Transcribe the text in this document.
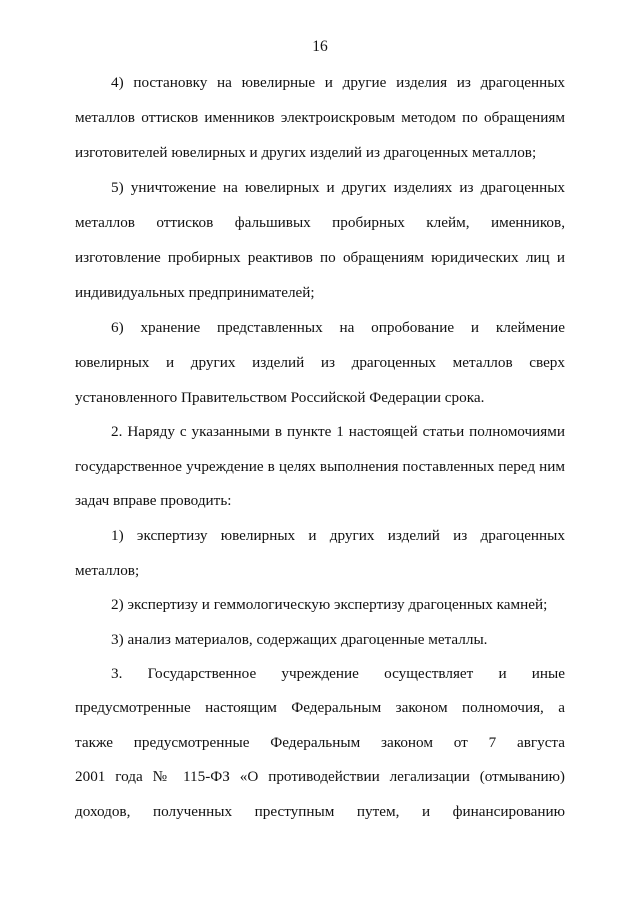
16
4) постановку на ювелирные и другие изделия из драгоценных
металлов оттисков именников электроискровым методом по обращениям
изготовителей ювелирных и других изделий из драгоценных металлов;
5) уничтожение на ювелирных и других изделиях из драгоценных
металлов оттисков фальшивых пробирных клейм, именников,
изготовление пробирных реактивов по обращениям юридических лиц и
индивидуальных предпринимателей;
6) хранение представленных на опробование и клеймение
ювелирных и других изделий из драгоценных металлов сверх
установленного Правительством Российской Федерации срока.
2. Наряду с указанными в пункте 1 настоящей статьи полномочиями
государственное учреждение в целях выполнения поставленных перед ним
задач вправе проводить:
1) экспертизу ювелирных и других изделий из драгоценных
металлов;
2) экспертизу и геммологическую экспертизу драгоценных камней;
3) анализ материалов, содержащих драгоценные металлы.
3. Государственное учреждение осуществляет и иные
предусмотренные настоящим Федеральным законом полномочия, а
также предусмотренные Федеральным законом от 7 августа
2001 года № 115-ФЗ «О противодействии легализации (отмыванию)
доходов, полученных преступным путем, и финансированию
